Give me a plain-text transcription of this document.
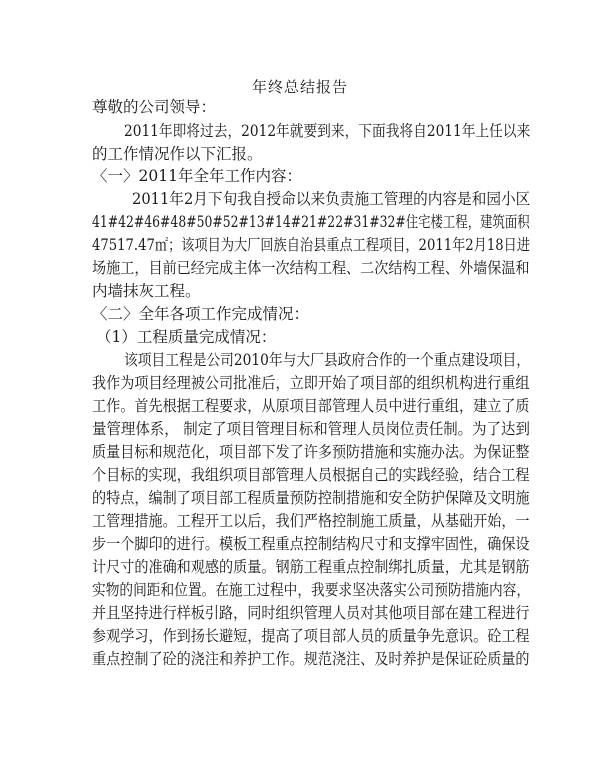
年终总结报告
尊敬的公司领导：
2011年即将过去，2012年就要到来，下面我将自2011年上任以来
的工作情况作以下汇报。
〈一〉2011年全年工作内容：
2011年2月下旬我自授命以来负责施工管理的内容是和园小区
41#42#46#48#50#52#13#14#21#22#31#32#住宅楼工程，建筑面积
47517.47㎡；该项目为大厂回族自治县重点工程项目，2011年2月18日进
场施工，目前已经完成主体一次结构工程、二次结构工程、外墙保温和
内墙抹灰工程。
〈二〉全年各项工作完成情况：
（1）工程质量完成情况：
该项目工程是公司2010年与大厂县政府合作的一个重点建设项目，
我作为项目经理被公司批准后，立即开始了项目部的组织机构进行重组
工作。首先根据工程要求，从原项目部管理人员中进行重组，建立了质
量管理体系， 制定了项目管理目标和管理人员岗位责任制。为了达到
质量目标和规范化，项目部下发了许多预防措施和实施办法。为保证整
个目标的实现，我组织项目部管理人员根据自己的实践经验，结合工程
的特点，编制了项目部工程质量预防控制措施和安全防护保障及文明施
工管理措施。工程开工以后，我们严格控制施工质量，从基础开始，一
步一个脚印的进行。模板工程重点控制结构尺寸和支撑牢固性，确保设
计尺寸的准确和观感的质量。钢筋工程重点控制绑扎质量，尤其是钢筋
实物的间距和位置。在施工过程中，我要求坚决落实公司预防措施内容，
并且坚持进行样板引路，同时组织管理人员对其他项目部在建工程进行
参观学习，作到扬长避短，提高了项目部人员的质量争先意识。砼工程
重点控制了砼的浇注和养护工作。规范浇注、及时养护是保证砼质量的
